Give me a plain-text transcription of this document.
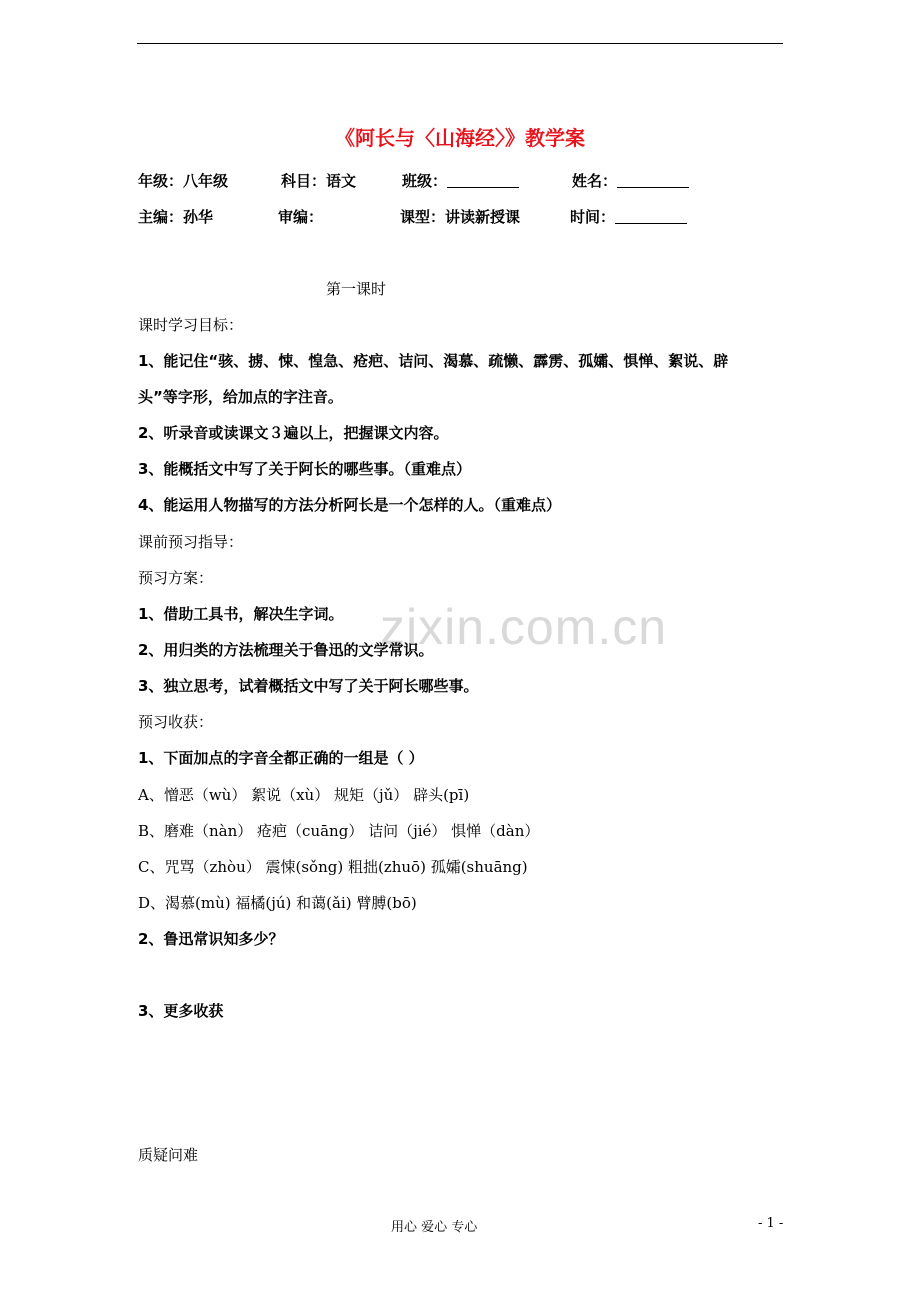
zixin.com.cn
《阿长与〈山海经〉》教学案
年级：八年级	科目：语文	班级：	姓名：
主编：孙华	审编：	课型：讲读新授课	时间：
第一课时
课时学习目标：
1、能记住“骇、掳、悚、惶急、疮疤、诘问、渴慕、疏懒、霹雳、孤孀、惧惮、絮说、辟
头”等字形，给加点的字注音。
2、听录音或读课文３遍以上，把握课文内容。
3、能概括文中写了关于阿长的哪些事。（重难点）
4、能运用人物描写的方法分析阿长是一个怎样的人。（重难点）
课前预习指导：
预习方案：
1、借助工具书，解决生字词。
2、用归类的方法梳理关于鲁迅的文学常识。
3、独立思考，试着概括文中写了关于阿长哪些事。
预习收获：
1、下面加点的字音全都正确的一组是（ ）
A、憎恶（wù） 絮说（xù） 规矩（jǔ） 辟头(pī)
B、磨难（nàn） 疮疤（cuāng） 诘问（jié） 惧惮（dàn）
C、咒骂（zhòu） 震悚(sǒng) 粗拙(zhuō) 孤孀(shuāng)
D、渴慕(mù) 福橘(jú) 和蔼(ǎi) 臂膊(bō)
2、鲁迅常识知多少？
3、更多收获
质疑问难
用心 爱心 专心	- 1 -
